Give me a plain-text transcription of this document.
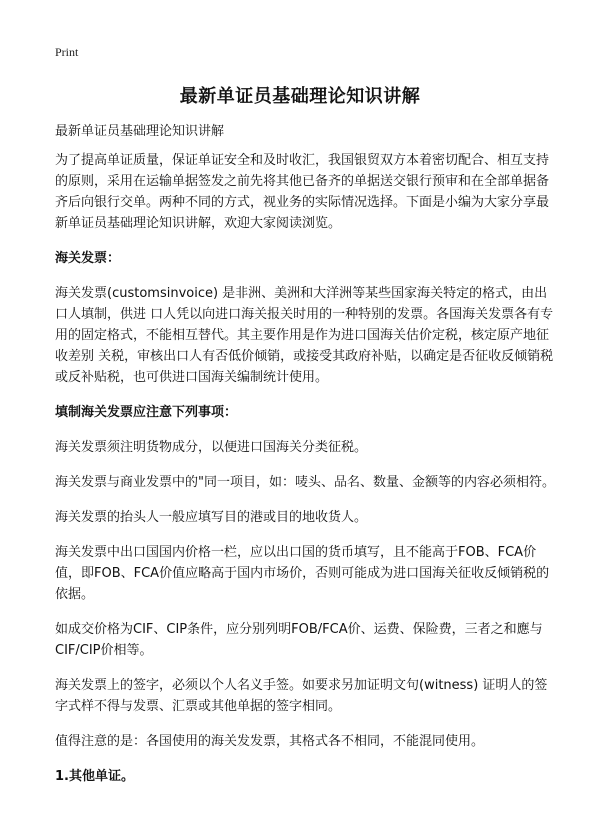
Print
最新单证员基础理论知识讲解

最新单证员基础理论知识讲解

为了提高单证质量，保证单证安全和及时收汇，我国银贸双方本着密切配合、相互支持的原则，采用在运输单据签发之前先将其他已备齐的单据送交银行预审和在全部单据备齐后向银行交单。两种不同的方式，视业务的实际情况选择。下面是小编为大家分享最新单证员基础理论知识讲解，欢迎大家阅读浏览。

海关发票：

海关发票(customsinvoice) 是非洲、美洲和大洋洲等某些国家海关特定的格式，由出口人填制，供进 口人凭以向进口海关报关时用的一种特别的发票。各国海关发票各有专用的固定格式，不能相互替代。其主要作用是作为进口国海关估价定税，核定原产地征收差别 关税，审核出口人有否低价倾销，或接受其政府补贴，以确定是否征收反倾销税或反补贴税，也可供进口国海关编制统计使用。

填制海关发票应注意下列事项：

海关发票须注明货物成分，以便进口国海关分类征税。

海关发票与商业发票中的"同一项目，如：唛头、品名、数量、金额等的内容必须相符。

海关发票的抬头人一般应填写目的港或目的地收货人。

海关发票中出口国国内价格一栏，应以出口国的货币填写，且不能高于FOB、FCA价值，即FOB、FCA价值应略高于国内市场价，否则可能成为进口国海关征收反倾销税的依据。

如成交价格为CIF、CIP条件，应分别列明FOB/FCA价、运费、保险费，三者之和應与CIF/CIP价相等。

海关发票上的签字，必须以个人名义手签。如要求另加证明文句(witness) 证明人的签字式样不得与发票、汇票或其他单据的签字相同。

值得注意的是：各国使用的海关发发票，其格式各不相同，不能混同使用。

1.其他单证。
